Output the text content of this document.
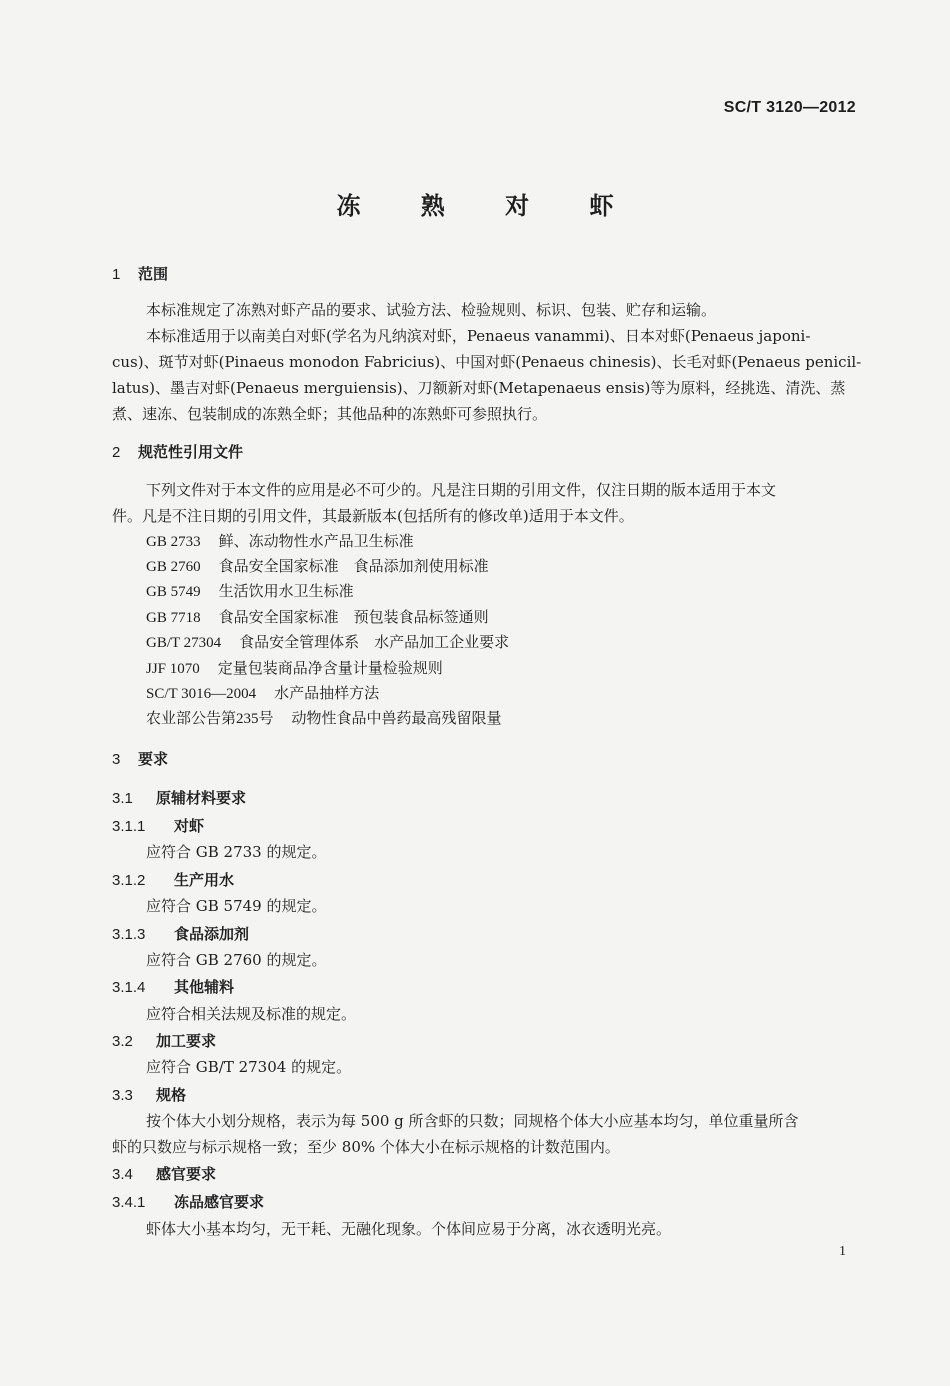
SC/T 3120—2012
冻 熟 对 虾
1 范围
本标准规定了冻熟对虾产品的要求、试验方法、检验规则、标识、包装、贮存和运输。
本标准适用于以南美白对虾(学名为凡纳滨对虾，Penaeus vanammi)、日本对虾(Penaeus japoni-
cus)、斑节对虾(Pinaeus monodon Fabricius)、中国对虾(Penaeus chinesis)、长毛对虾(Penaeus penicil-
latus)、墨吉对虾(Penaeus merguiensis)、刀额新对虾(Metapenaeus ensis)等为原料，经挑选、清洗、蒸
煮、速冻、包装制成的冻熟全虾；其他品种的冻熟虾可参照执行。
2 规范性引用文件
下列文件对于本文件的应用是必不可少的。凡是注日期的引用文件，仅注日期的版本适用于本文
件。凡是不注日期的引用文件，其最新版本(包括所有的修改单)适用于本文件。
GB 2733 鲜、冻动物性水产品卫生标准
GB 2760 食品安全国家标准　食品添加剂使用标准
GB 5749 生活饮用水卫生标准
GB 7718 食品安全国家标准　预包装食品标签通则
GB/T 27304 食品安全管理体系　水产品加工企业要求
JJF 1070 定量包装商品净含量计量检验规则
SC/T 3016—2004 水产品抽样方法
农业部公告第235号 动物性食品中兽药最高残留限量
3 要求
3.1 原辅材料要求
3.1.1 对虾
应符合 GB 2733 的规定。
3.1.2 生产用水
应符合 GB 5749 的规定。
3.1.3 食品添加剂
应符合 GB 2760 的规定。
3.1.4 其他辅料
应符合相关法规及标准的规定。
3.2 加工要求
应符合 GB/T 27304 的规定。
3.3 规格
按个体大小划分规格，表示为每 500 g 所含虾的只数；同规格个体大小应基本均匀，单位重量所含
虾的只数应与标示规格一致；至少 80% 个体大小在标示规格的计数范围内。
3.4 感官要求
3.4.1 冻品感官要求
虾体大小基本均匀，无干耗、无融化现象。个体间应易于分离，冰衣透明光亮。
1
